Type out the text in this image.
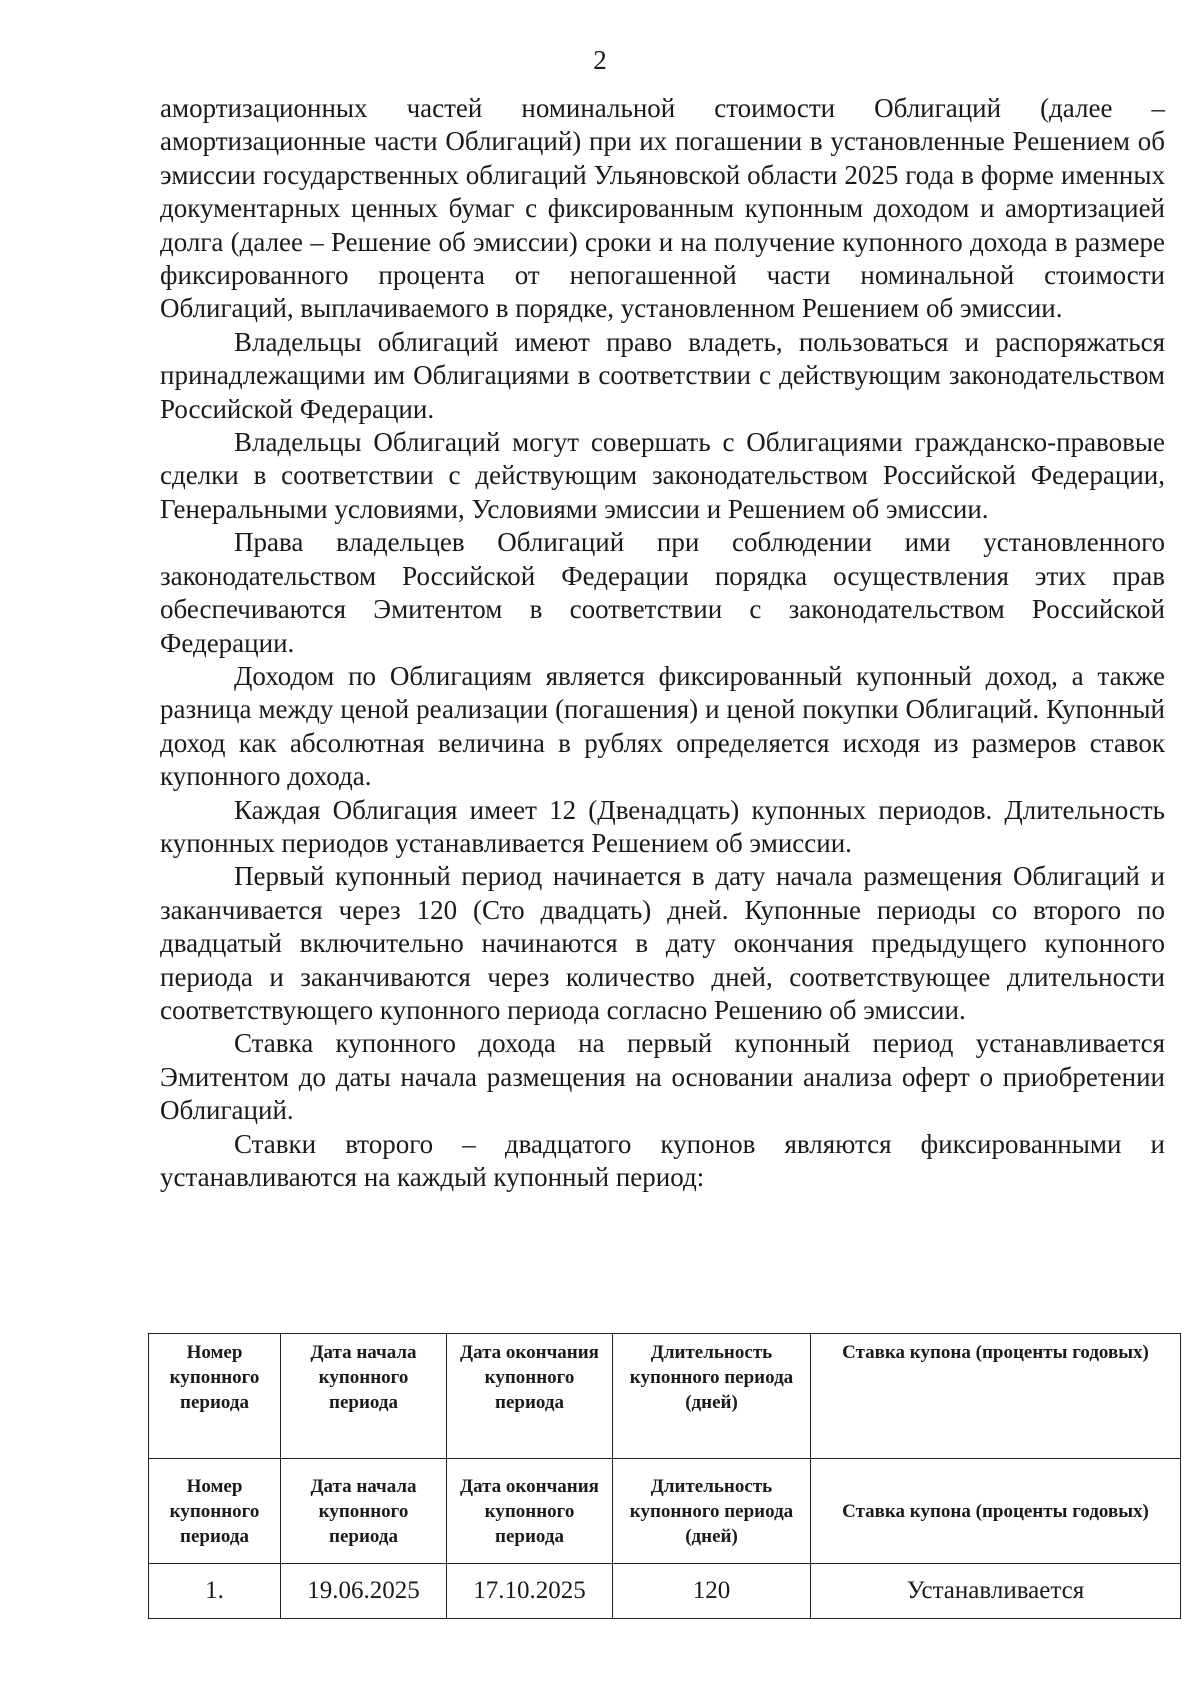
2

амортизационных частей номинальной стоимости Облигаций (далее – амортизационные части Облигаций) при их погашении в установленные Решением об эмиссии государственных облигаций Ульяновской области 2025 года в форме именных документарных ценных бумаг с фиксированным купонным доходом и амортизацией долга (далее – Решение об эмиссии) сроки и на получение купонного дохода в размере фиксированного процента от непогашенной части номинальной стоимости Облигаций, выплачиваемого в порядке, установленном Решением об эмиссии.

Владельцы облигаций имеют право владеть, пользоваться и распоряжаться принадлежащими им Облигациями в соответствии с действующим законодательством Российской Федерации.

Владельцы Облигаций могут совершать с Облигациями гражданско-правовые сделки в соответствии с действующим законодательством Российской Федерации, Генеральными условиями, Условиями эмиссии и Решением об эмиссии.

Права владельцев Облигаций при соблюдении ими установленного законодательством Российской Федерации порядка осуществления этих прав обеспечиваются Эмитентом в соответствии с законодательством Российской Федерации.

Доходом по Облигациям является фиксированный купонный доход, а также разница между ценой реализации (погашения) и ценой покупки Облигаций. Купонный доход как абсолютная величина в рублях определяется исходя из размеров ставок купонного дохода.

Каждая Облигация имеет 12 (Двенадцать) купонных периодов. Длительность купонных периодов устанавливается Решением об эмиссии.

Первый купонный период начинается в дату начала размещения Облигаций и заканчивается через 120 (Сто двадцать) дней. Купонные периоды со второго по двадцатый включительно начинаются в дату окончания предыдущего купонного периода и заканчиваются через количество дней, соответствующее длительности соответствующего купонного периода согласно Решению об эмиссии.

Ставка купонного дохода на первый купонный период устанавливается Эмитентом до даты начала размещения на основании анализа оферт о приобретении Облигаций.

Ставки второго – двадцатого купонов являются фиксированными и устанавливаются на каждый купонный период:

Номер купонного периода	Дата начала купонного периода	Дата окончания купонного периода	Длительность купонного периода (дней)	Ставка купона (проценты годовых)
Номер купонного периода	Дата начала купонного периода	Дата окончания купонного периода	Длительность купонного периода (дней)	Ставка купона (проценты годовых)
1.	19.06.2025	17.10.2025	120	Устанавливается
